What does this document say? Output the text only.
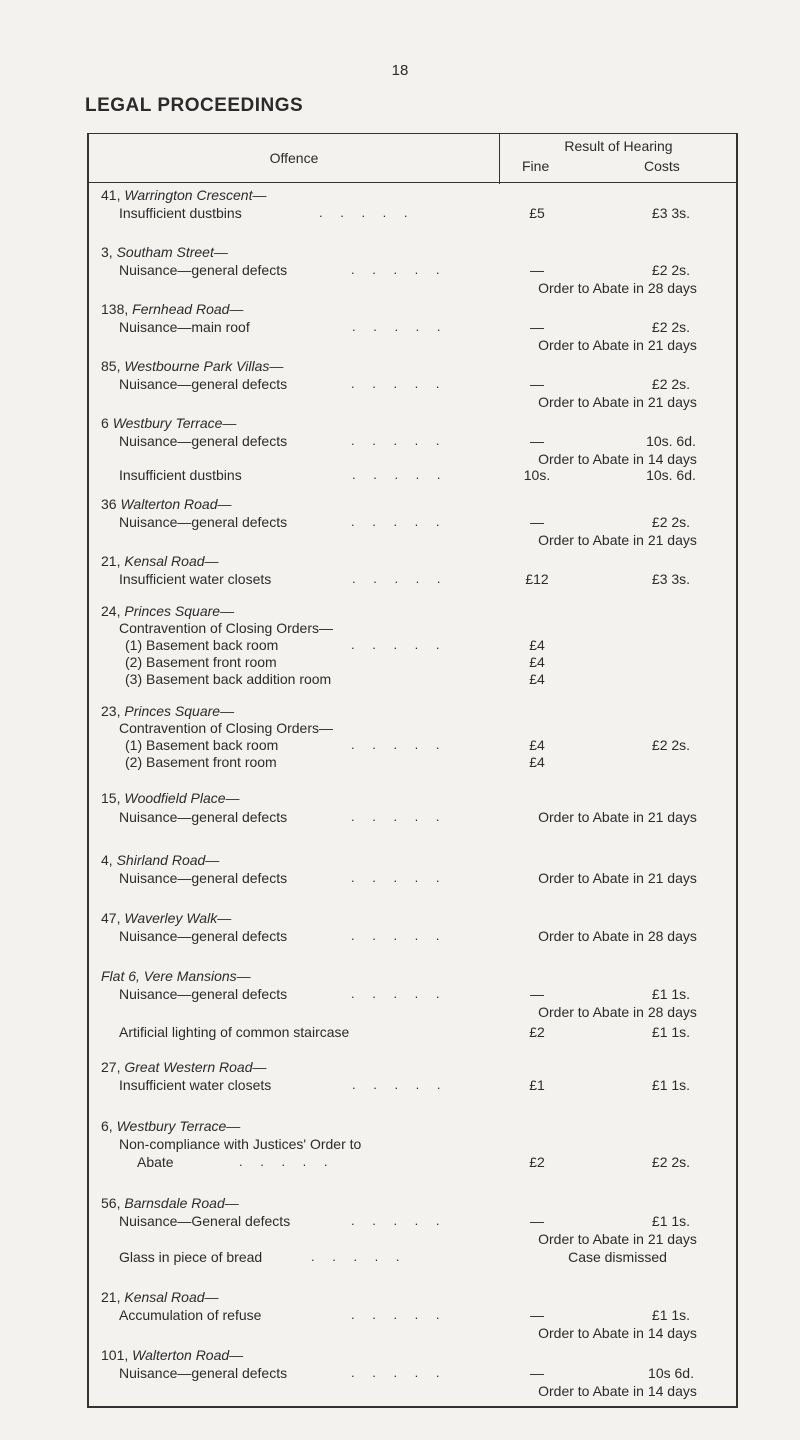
18
LEGAL PROCEEDINGS
Offence
Result of Hearing
Fine	Costs
41, Warrington Crescent—
Insufficient dustbins	. . . . .	£5	£3 3s.
3, Southam Street—
Nuisance—general defects	. . . . .	—	£2 2s.
Order to Abate in 28 days
138, Fernhead Road—
Nuisance—main roof	. . . . .	—	£2 2s.
Order to Abate in 21 days
85, Westbourne Park Villas—
Nuisance—general defects	. . . . .	—	£2 2s.
Order to Abate in 21 days
6 Westbury Terrace—
Nuisance—general defects	. . . . .	—	10s. 6d.
Order to Abate in 14 days
Insufficient dustbins	. . . . .	10s.	10s. 6d.
36 Walterton Road—
Nuisance—general defects	. . . . .	—	£2 2s.
Order to Abate in 21 days
21, Kensal Road—
Insufficient water closets	. . . . .	£12	£3 3s.
24, Princes Square—
Contravention of Closing Orders—
(1) Basement back room	. . . . .	£4
(2) Basement front room	£4
(3) Basement back addition room	£4
23, Princes Square—
Contravention of Closing Orders—
(1) Basement back room	. . . . .	£4	£2 2s.
(2) Basement front room	£4
15, Woodfield Place—
Nuisance—general defects	. . . . .	Order to Abate in 21 days
4, Shirland Road—
Nuisance—general defects	. . . . .	Order to Abate in 21 days
47, Waverley Walk—
Nuisance—general defects	. . . . .	Order to Abate in 28 days
Flat 6, Vere Mansions—
Nuisance—general defects	. . . . .	—	£1 1s.
Order to Abate in 28 days
Artificial lighting of common staircase	£2	£1 1s.
27, Great Western Road—
Insufficient water closets	. . . . .	£1	£1 1s.
6, Westbury Terrace—
Non-compliance with Justices' Order to
Abate	. . . . .	£2	£2 2s.
56, Barnsdale Road—
Nuisance—General defects	. . . . .	—	£1 1s.
Order to Abate in 21 days
Glass in piece of bread	. . . . .	Case dismissed
21, Kensal Road—
Accumulation of refuse	. . . . .	—	£1 1s.
Order to Abate in 14 days
101, Walterton Road—
Nuisance—general defects	. . . . .	—	10s 6d.
Order to Abate in 14 days
